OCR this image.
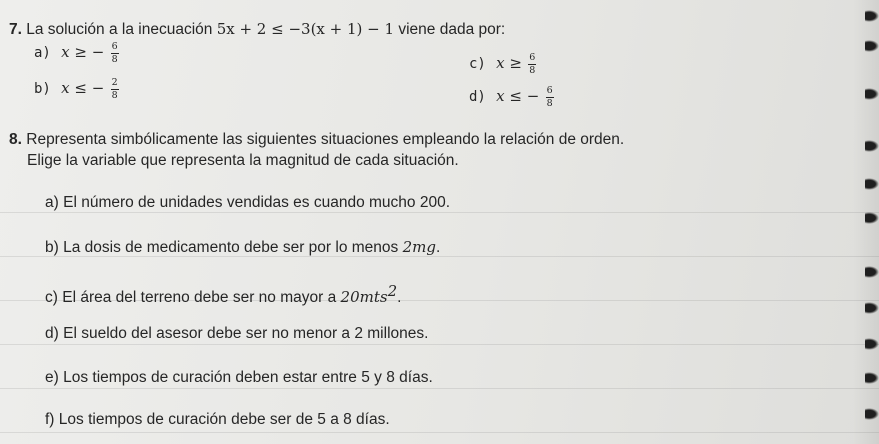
7. La solución a la inecuación 5x + 2 ≤ −3(x + 1) − 1 viene dada por:
a) x ≥ − $\frac{6}{8}$
b) x ≤ − $\frac{2}{8}$
c) $x \ge \frac{6}{8}$
d) x ≤ − $\frac{6}{8}$
8. Representa simbólicamente las siguientes situaciones empleando la relación de orden.
Elige la variable que representa la magnitud de cada situación.
a) El número de unidades vendidas es cuando mucho 200.
b) La dosis de medicamento debe ser por lo menos 2mg.
c) El área del terreno debe ser no mayor a 20mts$^2$.
d) El sueldo del asesor debe ser no menor a 2 millones.
e) Los tiempos de curación deben estar entre 5 y 8 días.
f) Los tiempos de curación debe ser de 5 a 8 días.
